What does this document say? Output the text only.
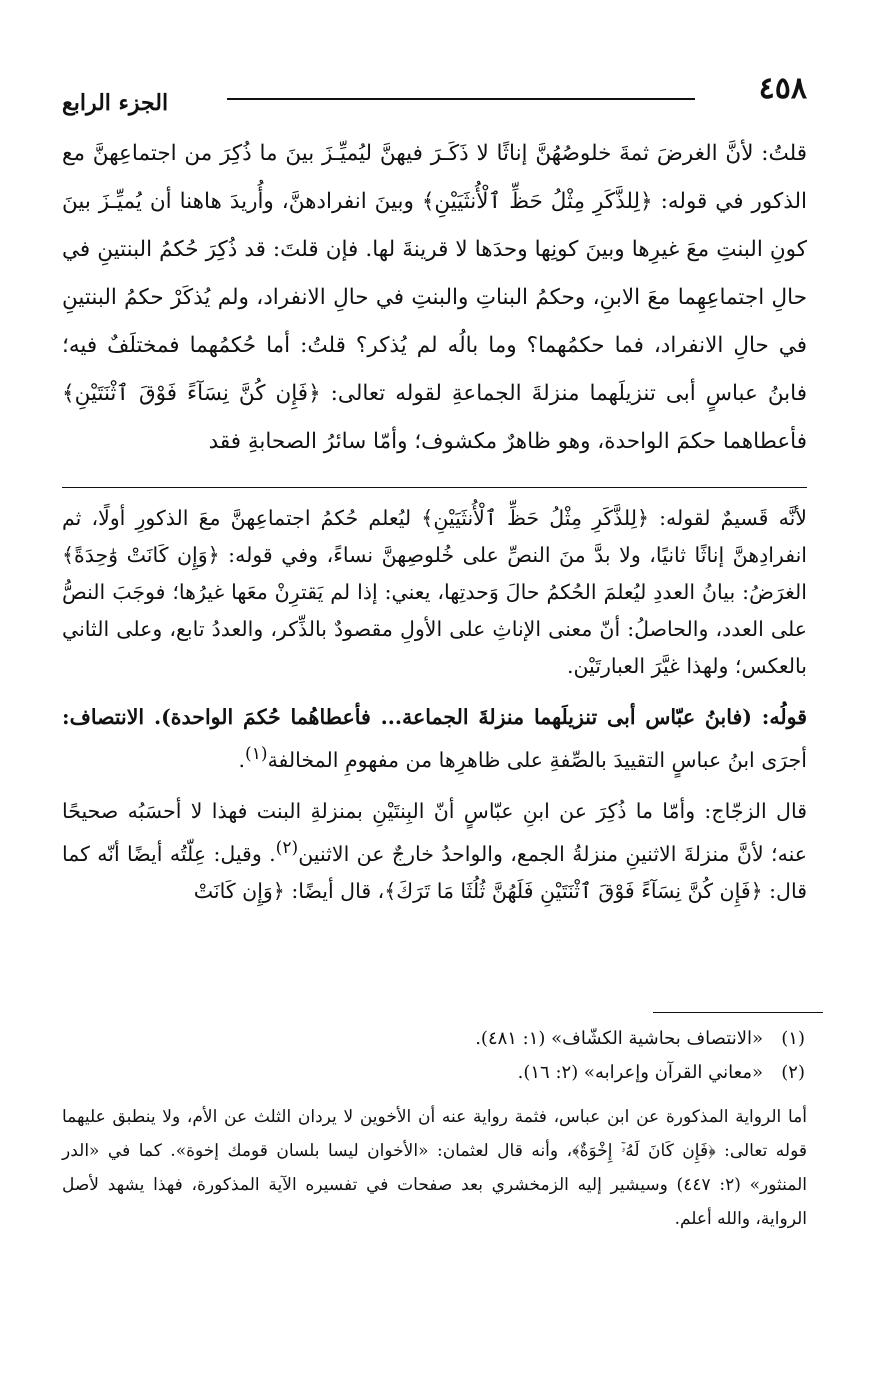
٤٥٨
الجزء الرابع

قلتُ: لأنَّ الغرضَ ثمةَ خلوصُهُنَّ إناثًا لا ذَكَـرَ فيهنَّ ليُميِّـزَ بينَ ما ذُكِرَ من اجتماعِهنَّ مع الذكور في قوله: ﴿لِلذَّكَرِ مِثْلُ حَظِّ ٱلْأُنثَيَيْنِ﴾ وبينَ انفرادهنَّ، وأُريدَ هاهنا أن يُميِّـزَ بينَ كونِ البنتِ معَ غيرِها وبينَ كونِها وحدَها لا قرينةَ لها. فإن قلتَ: قد ذُكِرَ حُكمُ البنتينِ في حالِ اجتماعِهِما معَ الابنِ، وحكمُ البناتِ والبنتِ في حالِ الانفراد، ولم يُذكَرْ حكمُ البنتينِ في حالِ الانفراد، فما حكمُهما؟ وما بالُه لم يُذكر؟ قلتُ: أما حُكمُهما فمختلَفٌ فيه؛ فابنُ عباسٍ أبى تنزيلَهما منزلةَ الجماعةِ لقوله تعالى: ﴿فَإِن كُنَّ نِسَآءً فَوْقَ ٱثْنَتَيْنِ﴾ فأعطاهما حكمَ الواحدة، وهو ظاهرٌ مكشوف؛ وأمّا سائرُ الصحابةِ فقد

لأنَّه قَسيمٌ لقوله: ﴿لِلذَّكَرِ مِثْلُ حَظِّ ٱلْأُنثَيَيْنِ﴾ ليُعلم حُكمُ اجتماعِهنَّ معَ الذكورِ أولًا، ثم انفرادِهنَّ إناثًا ثانيًا، ولا بدَّ منَ النصِّ على خُلوصِهنَّ نساءً، وفي قوله: ﴿وَإِن كَانَتْ وَٰحِدَةً﴾ الغرَضُ: بيانُ العددِ ليُعلمَ الحُكمُ حالَ وَحدتِها، يعني: إذا لم يَقترِنْ معَها غيرُها؛ فوجَبَ النصُّ على العدد، والحاصلُ: أنّ معنى الإناثِ على الأولِ مقصودٌ بالذِّكر، والعددُ تابع، وعلى الثاني بالعكس؛ ولهذا غيَّرَ العبارتَيْن.

قولُه: (فابنُ عبّاس أبى تنزيلَهما منزلةَ الجماعة... فأعطاهُما حُكمَ الواحدة). الانتصاف: أجرَى ابنُ عباسٍ التقييدَ بالصِّفةِ على ظاهرِها من مفهومِ المخالفة$^{(١)}$.

قال الزجّاج: وأمّا ما ذُكِرَ عن ابنِ عبّاسٍ أنّ البِنتَيْنِ بمنزلةِ البنت فهذا لا أحسَبُه صحيحًا عنه؛ لأنَّ منزلةَ الاثنينِ منزلةُ الجمع، والواحدُ خارجٌ عن الاثنين$^{(٢)}$. وقيل: عِلّتُه أيضًا أنّه كما قال: ﴿فَإِن كُنَّ نِسَآءً فَوْقَ ٱثْنَتَيْنِ فَلَهُنَّ ثُلُثَا مَا تَرَكَ﴾، قال أيضًا: ﴿وَإِن كَانَتْ

(١)«الانتصاف بحاشية الكشّاف» (١: ٤٨١).

(٢)«معاني القرآن وإعرابه» (٢: ١٦).

أما الرواية المذكورة عن ابن عباس، فثمة رواية عنه أن الأخوين لا يردان الثلث عن الأم، ولا ينطبق عليهما قوله تعالى: ﴿فَإِن كَانَ لَهُۥٓ إِخْوَةٌ﴾، وأنه قال لعثمان: «الأخوان ليسا بلسان قومك إخوة». كما في «الدر المنثور» (٢: ٤٤٧) وسيشير إليه الزمخشري بعد صفحات في تفسيره الآية المذكورة، فهذا يشهد لأصل الرواية، والله أعلم.
